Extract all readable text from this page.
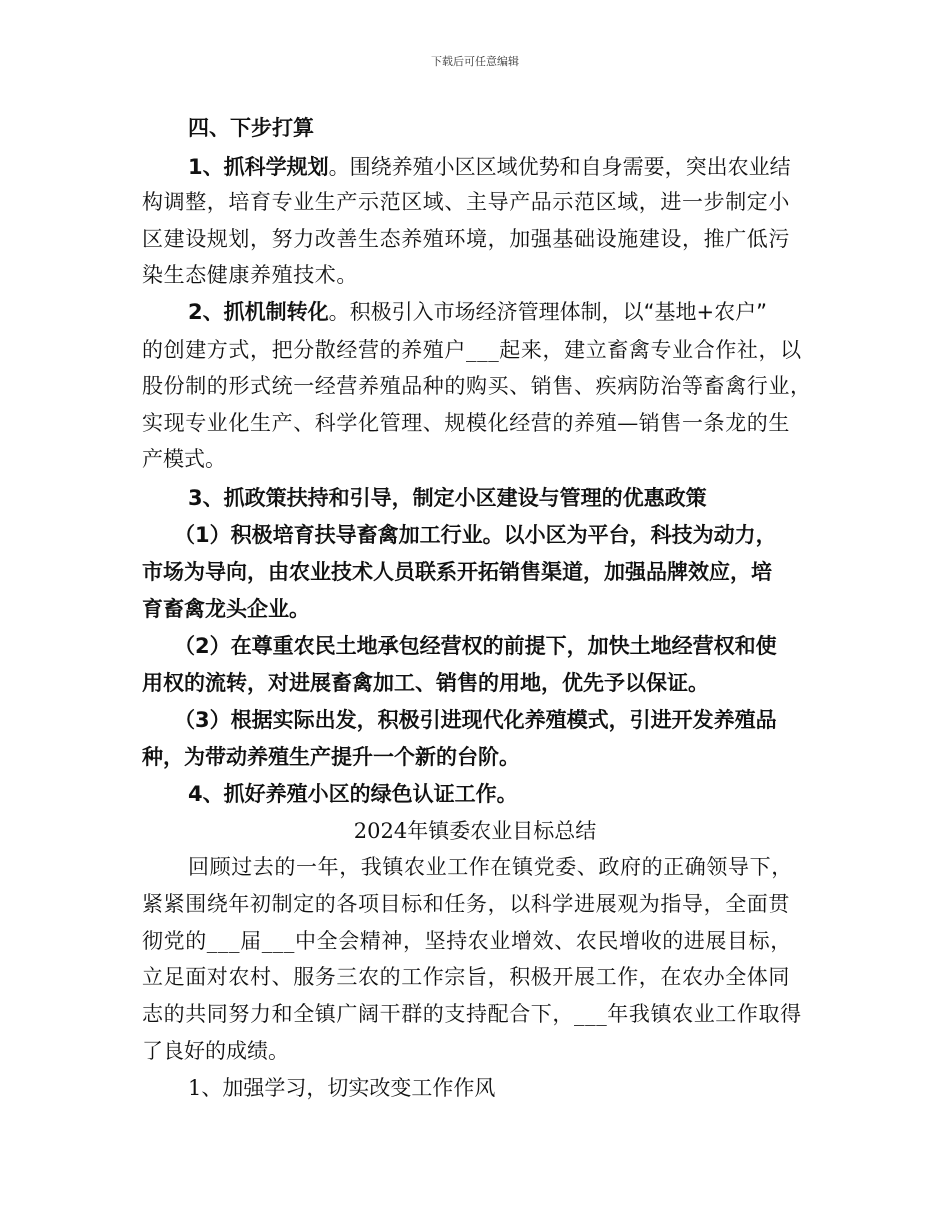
下载后可任意编辑
四、下步打算
1、抓科学规划。围绕养殖小区区域优势和自身需要，突出农业结
构调整，培育专业生产示范区域、主导产品示范区域，进一步制定小
区建设规划，努力改善生态养殖环境，加强基础设施建设，推广低污
染生态健康养殖技术。
2、抓机制转化。积极引入市场经济管理体制，以“基地+农户”
的创建方式，把分散经营的养殖户___起来，建立畜禽专业合作社，以
股份制的形式统一经营养殖品种的购买、销售、疾病防治等畜禽行业，
实现专业化生产、科学化管理、规模化经营的养殖—销售一条龙的生
产模式。
3、抓政策扶持和引导，制定小区建设与管理的优惠政策
（1）积极培育扶导畜禽加工行业。以小区为平台，科技为动力，
市场为导向，由农业技术人员联系开拓销售渠道，加强品牌效应，培
育畜禽龙头企业。
（2）在尊重农民土地承包经营权的前提下，加快土地经营权和使
用权的流转，对进展畜禽加工、销售的用地，优先予以保证。
（3）根据实际出发，积极引进现代化养殖模式，引进开发养殖品
种，为带动养殖生产提升一个新的台阶。
4、抓好养殖小区的绿色认证工作。
2024年镇委农业目标总结
回顾过去的一年，我镇农业工作在镇党委、政府的正确领导下，
紧紧围绕年初制定的各项目标和任务，以科学进展观为指导，全面贯
彻党的___届___中全会精神，坚持农业增效、农民增收的进展目标，
立足面对农村、服务三农的工作宗旨，积极开展工作，在农办全体同
志的共同努力和全镇广阔干群的支持配合下，___年我镇农业工作取得
了良好的成绩。
1、加强学习，切实改变工作作风
